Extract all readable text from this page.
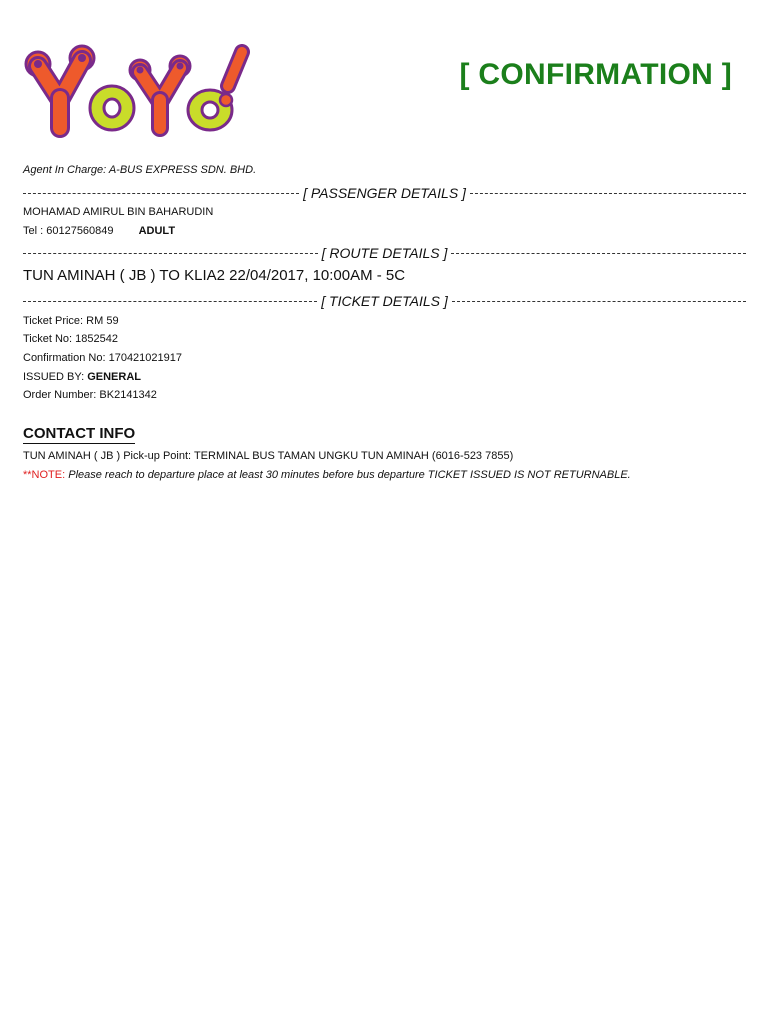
[ CONFIRMATION ]
Agent In Charge: A-BUS EXPRESS SDN. BHD.
[ PASSENGER DETAILS ]
MOHAMAD AMIRUL BIN BAHARUDIN
Tel : 60127560849 ADULT
[ ROUTE DETAILS ]
TUN AMINAH ( JB ) TO KLIA2 22/04/2017, 10:00AM - 5C
[ TICKET DETAILS ]
Ticket Price: RM 59
Ticket No: 1852542
Confirmation No: 170421021917
ISSUED BY: GENERAL
Order Number: BK2141342
CONTACT INFO
TUN AMINAH ( JB ) Pick-up Point: TERMINAL BUS TAMAN UNGKU TUN AMINAH (6016-523 7855)
**NOTE: Please reach to departure place at least 30 minutes before bus departure TICKET ISSUED IS NOT RETURNABLE.
